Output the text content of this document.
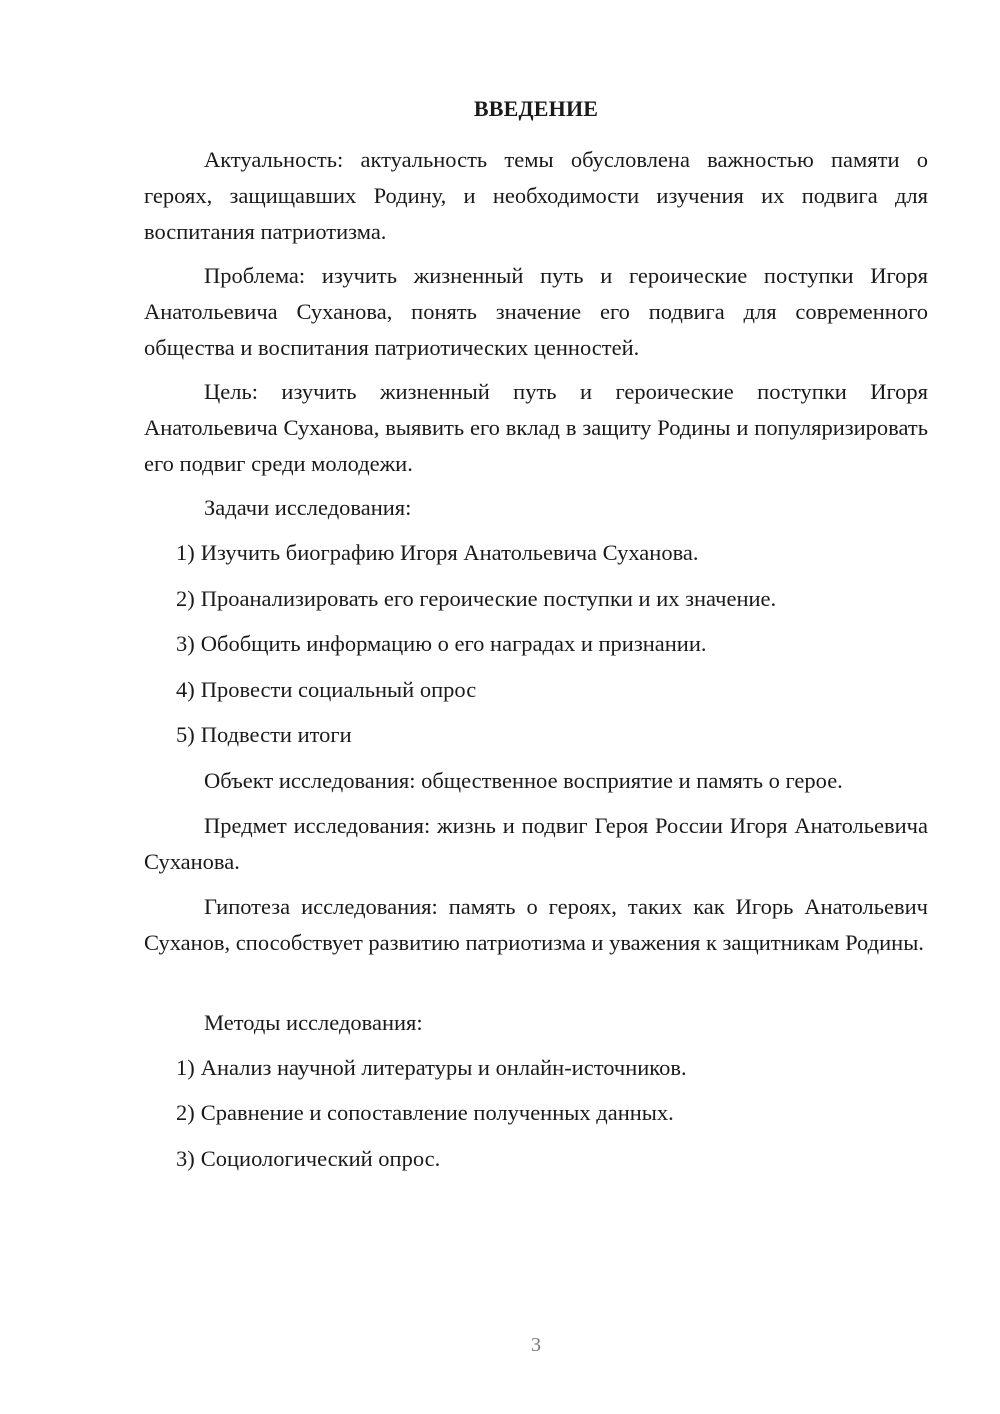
ВВЕДЕНИЕ

Актуальность: актуальность темы обусловлена важностью памяти о героях, защищавших Родину, и необходимости изучения их подвига для воспитания патриотизма.

Проблема: изучить жизненный путь и героические поступки Игоря Анатольевича Суханова, понять значение его подвига для современного общества и воспитания патриотических ценностей.

Цель: изучить жизненный путь и героические поступки Игоря Анатольевича Суханова, выявить его вклад в защиту Родины и популяризировать его подвиг среди молодежи.

Задачи исследования:

1) Изучить биографию Игоря Анатольевича Суханова.

2) Проанализировать его героические поступки и их значение.

3) Обобщить информацию о его наградах и признании.

4) Провести социальный опрос

5) Подвести итоги

Объект исследования: общественное восприятие и память о герое.

Предмет исследования: жизнь и подвиг Героя России Игоря Анатольевича Суханова.

Гипотеза исследования: память о героях, таких как Игорь Анатольевич Суханов, способствует развитию патриотизма и уважения к защитникам Родины.

Методы исследования:

1) Анализ научной литературы и онлайн-источников.

2) Сравнение и сопоставление полученных данных.

3) Социологический опрос.

3
